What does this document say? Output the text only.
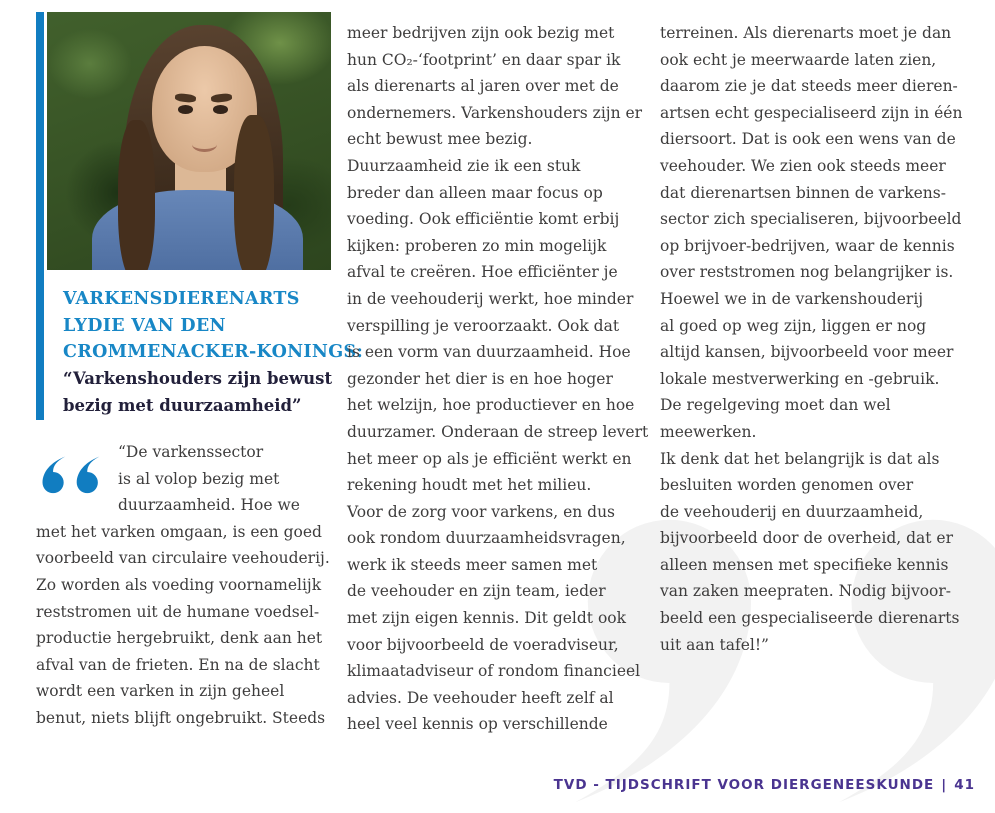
VARKENSDIERENARTS
LYDIE VAN DEN
CROMMENACKER-KONINGS:
“Varkenshouders zijn bewust
bezig met duurzaamheid”
“De varkenssector
is al volop bezig met
duurzaamheid. Hoe we
met het varken omgaan, is een goed
voorbeeld van circulaire veehouderij.
Zo worden als voeding voornamelijk
reststromen uit de humane voedsel-
productie hergebruikt, denk aan het
afval van de frieten. En na de slacht
wordt een varken in zijn geheel
benut, niets blijft ongebruikt. Steeds
meer bedrijven zijn ook bezig met
hun CO₂-‘footprint’ en daar spar ik
als dierenarts al jaren over met de
ondernemers. Varkenshouders zijn er
echt bewust mee bezig.
Duurzaamheid zie ik een stuk
breder dan alleen maar focus op
voeding. Ook efficiëntie komt erbij
kijken: proberen zo min mogelijk
afval te creëren. Hoe efficiënter je
in de veehouderij werkt, hoe minder
verspilling je veroorzaakt. Ook dat
is een vorm van duurzaamheid. Hoe
gezonder het dier is en hoe hoger
het welzijn, hoe productiever en hoe
duurzamer. Onderaan de streep levert
het meer op als je efficiënt werkt en
rekening houdt met het milieu.
Voor de zorg voor varkens, en dus
ook rondom duurzaamheidsvragen,
werk ik steeds meer samen met
de veehouder en zijn team, ieder
met zijn eigen kennis. Dit geldt ook
voor bijvoorbeeld de voeradviseur,
klimaatadviseur of rondom financieel
advies. De veehouder heeft zelf al
heel veel kennis op verschillende
terreinen. Als dierenarts moet je dan
ook echt je meerwaarde laten zien,
daarom zie je dat steeds meer dieren-
artsen echt gespecialiseerd zijn in één
diersoort. Dat is ook een wens van de
veehouder. We zien ook steeds meer
dat dierenartsen binnen de varkens-
sector zich specialiseren, bijvoorbeeld
op brijvoer-bedrijven, waar de kennis
over reststromen nog belangrijker is.
Hoewel we in de varkenshouderij
al goed op weg zijn, liggen er nog
altijd kansen, bijvoorbeeld voor meer
lokale mestverwerking en -gebruik.
De regelgeving moet dan wel
meewerken.
Ik denk dat het belangrijk is dat als
besluiten worden genomen over
de veehouderij en duurzaamheid,
bijvoorbeeld door de overheid, dat er
alleen mensen met specifieke kennis
van zaken meepraten. Nodig bijvoor-
beeld een gespecialiseerde dierenarts
uit aan tafel!”
TVD - TIJDSCHRIFT VOOR DIERGENEESKUNDE | 41
